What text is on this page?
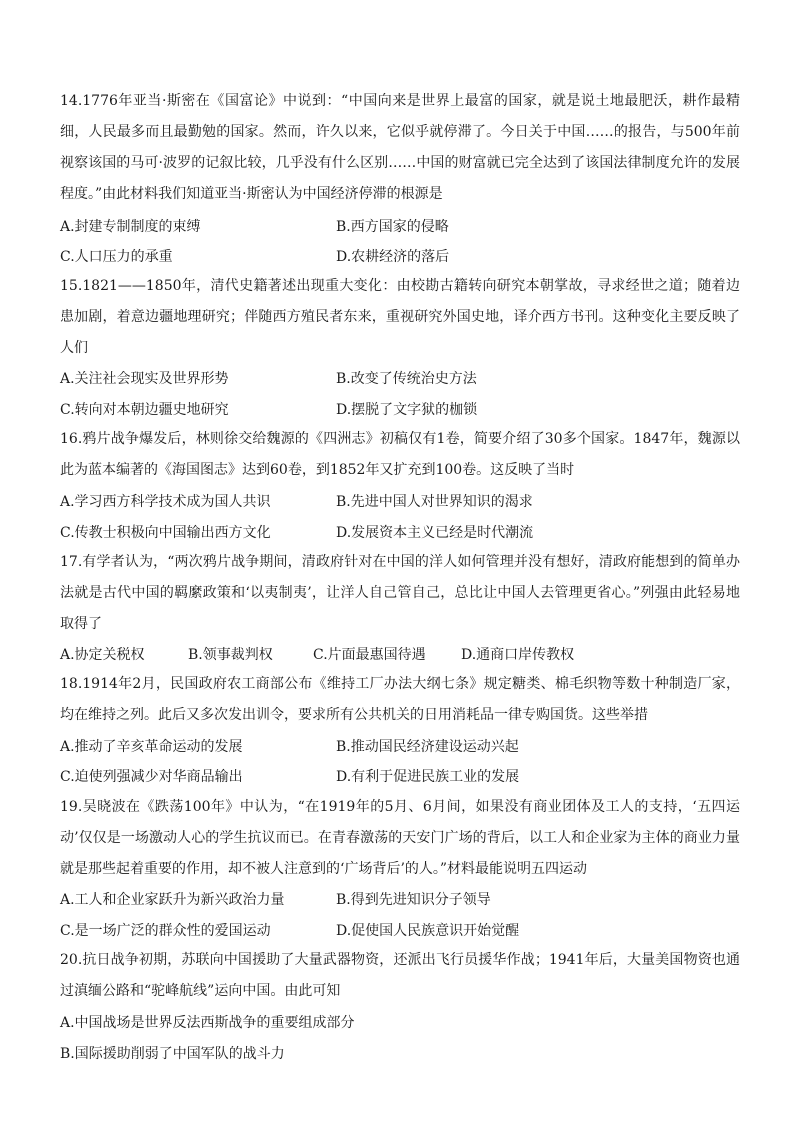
14.1776年亚当·斯密在《国富论》中说到：“中国向来是世界上最富的国家，就是说土地最肥沃，耕作最精细，人民最多而且最勤勉的国家。然而，许久以来，它似乎就停滞了。今日关于中国……的报告，与500年前视察该国的马可·波罗的记叙比较，几乎没有什么区别……中国的财富就已完全达到了该国法律制度允许的发展程度。”由此材料我们知道亚当·斯密认为中国经济停滞的根源是

A.封建专制制度的束缚	B.西方国家的侵略

C.人口压力的承重	D.农耕经济的落后

15.1821——1850年，清代史籍著述出现重大变化：由校勘古籍转向研究本朝掌故，寻求经世之道；随着边患加剧，着意边疆地理研究；伴随西方殖民者东来，重视研究外国史地，译介西方书刊。这种变化主要反映了人们

A.关注社会现实及世界形势	B.改变了传统治史方法

C.转向对本朝边疆史地研究	D.摆脱了文字狱的枷锁

16.鸦片战争爆发后，林则徐交给魏源的《四洲志》初稿仅有1卷，简要介绍了30多个国家。1847年，魏源以此为蓝本编著的《海国图志》达到60卷，到1852年又扩充到100卷。这反映了当时

A.学习西方科学技术成为国人共识	B.先进中国人对世界知识的渴求

C.传教士积极向中国输出西方文化	D.发展资本主义已经是时代潮流

17.有学者认为，“两次鸦片战争期间，清政府针对在中国的洋人如何管理并没有想好，清政府能想到的简单办法就是古代中国的羁縻政策和‘以夷制夷’，让洋人自己管自己，总比让中国人去管理更省心。”列强由此轻易地取得了

A.协定关税权	B.领事裁判权	C.片面最惠国待遇	D.通商口岸传教权

18.1914年2月，民国政府农工商部公布《维持工厂办法大纲七条》规定糖类、棉毛织物等数十种制造厂家，均在维持之列。此后又多次发出训令，要求所有公共机关的日用消耗品一律专购国货。这些举措

A.推动了辛亥革命运动的发展	B.推动国民经济建设运动兴起

C.迫使列强减少对华商品输出	D.有利于促进民族工业的发展

19.吴晓波在《跌荡100年》中认为，“在1919年的5月、6月间，如果没有商业团体及工人的支持，‘五四运动’仅仅是一场激动人心的学生抗议而已。在青春激荡的天安门广场的背后，以工人和企业家为主体的商业力量就是那些起着重要的作用，却不被人注意到的‘广场背后’的人。”材料最能说明五四运动

A.工人和企业家跃升为新兴政治力量	B.得到先进知识分子领导

C.是一场广泛的群众性的爱国运动	D.促使国人民族意识开始觉醒

20.抗日战争初期，苏联向中国援助了大量武器物资，还派出飞行员援华作战；1941年后，大量美国物资也通过滇缅公路和“驼峰航线”运向中国。由此可知

A.中国战场是世界反法西斯战争的重要组成部分

B.国际援助削弱了中国军队的战斗力
